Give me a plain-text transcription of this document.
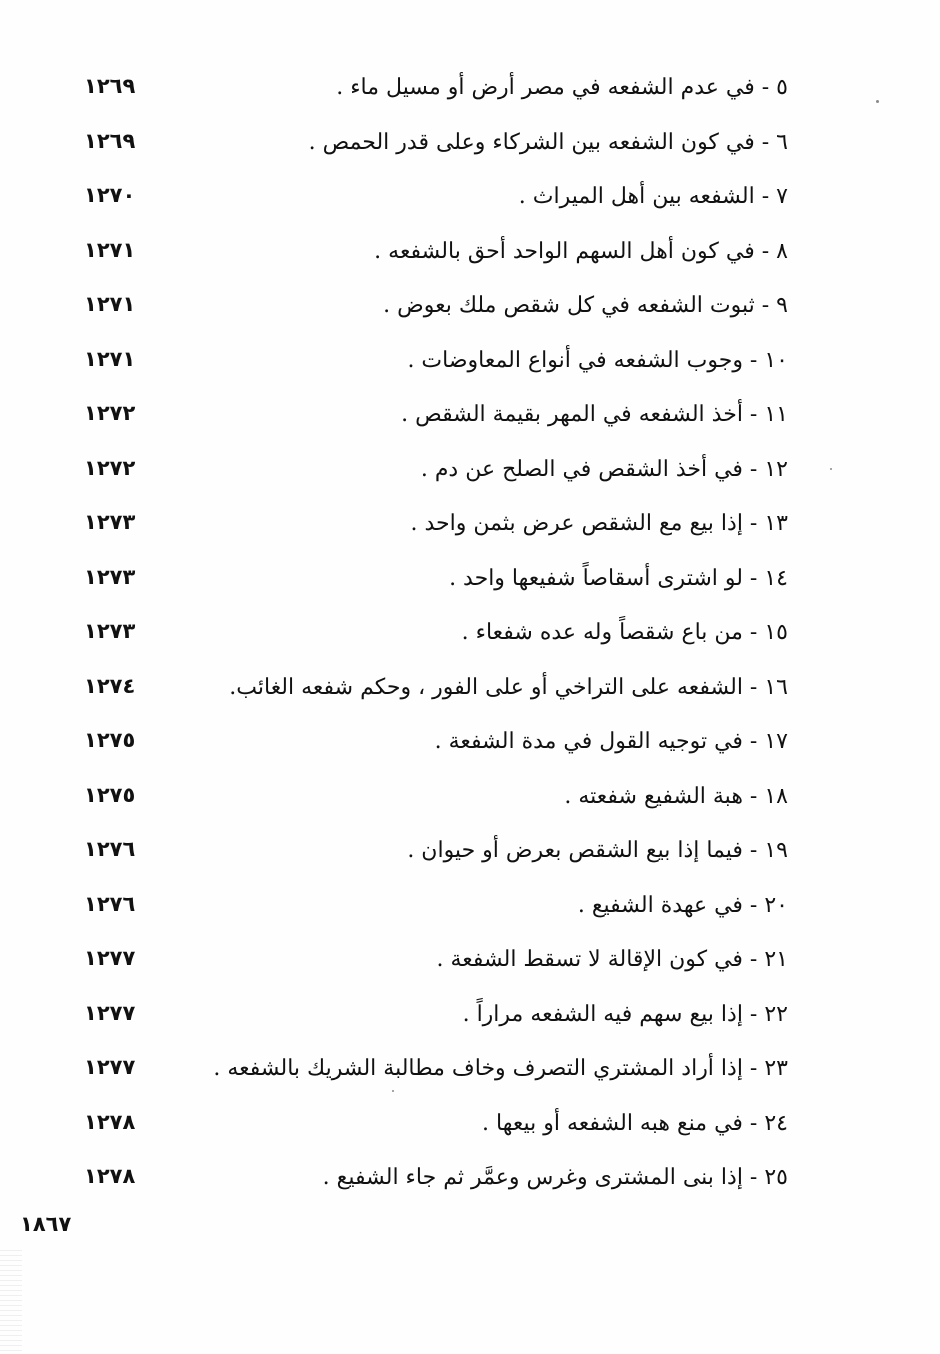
٥ - في عدم الشفعه في مصر أرض أو مسيل ماء .
١٢٦٩
٦ - في كون الشفعه بين الشركاء وعلى قدر الحمص .
١٢٦٩
٧ - الشفعه بين أهل الميراث .
١٢٧٠
٨ - في كون أهل السهم الواحد أحق بالشفعه .
١٢٧١
٩ - ثبوت الشفعه في كل شقص ملك بعوض .
١٢٧١
١٠ - وجوب الشفعه في أنواع المعاوضات .
١٢٧١
١١ - أخذ الشفعه في المهر بقيمة الشقص .
١٢٧٢
١٢ - في أخذ الشقص في الصلح عن دم .
١٢٧٢
١٣ - إذا بيع مع الشقص عرض بثمن واحد .
١٢٧٣
١٤ - لو اشترى أسقاصاً شفيعها واحد .
١٢٧٣
١٥ - من باع شقصاً وله عده شفعاء .
١٢٧٣
١٦ - الشفعه على التراخي أو على الفور ، وحكم شفعه الغائب.
١٢٧٤
١٧ - في توجيه القول في مدة الشفعة .
١٢٧٥
١٨ - هبة الشفيع شفعته .
١٢٧٥
١٩ - فيما إذا بيع الشقص بعرض أو حيوان .
١٢٧٦
٢٠ - في عهدة الشفيع .
١٢٧٦
٢١ - في كون الإقالة لا تسقط الشفعة .
١٢٧٧
٢٢ - إذا بيع سهم فيه الشفعه مراراً .
١٢٧٧
٢٣ - إذا أراد المشتري التصرف وخاف مطالبة الشريك بالشفعه .
١٢٧٧
٢٤ - في منع هبه الشفعه أو بيعها .
١٢٧٨
٢٥ - إذا بنى المشترى وغرس وعمَّر ثم جاء الشفيع .
١٢٧٨
١٨٦٧
